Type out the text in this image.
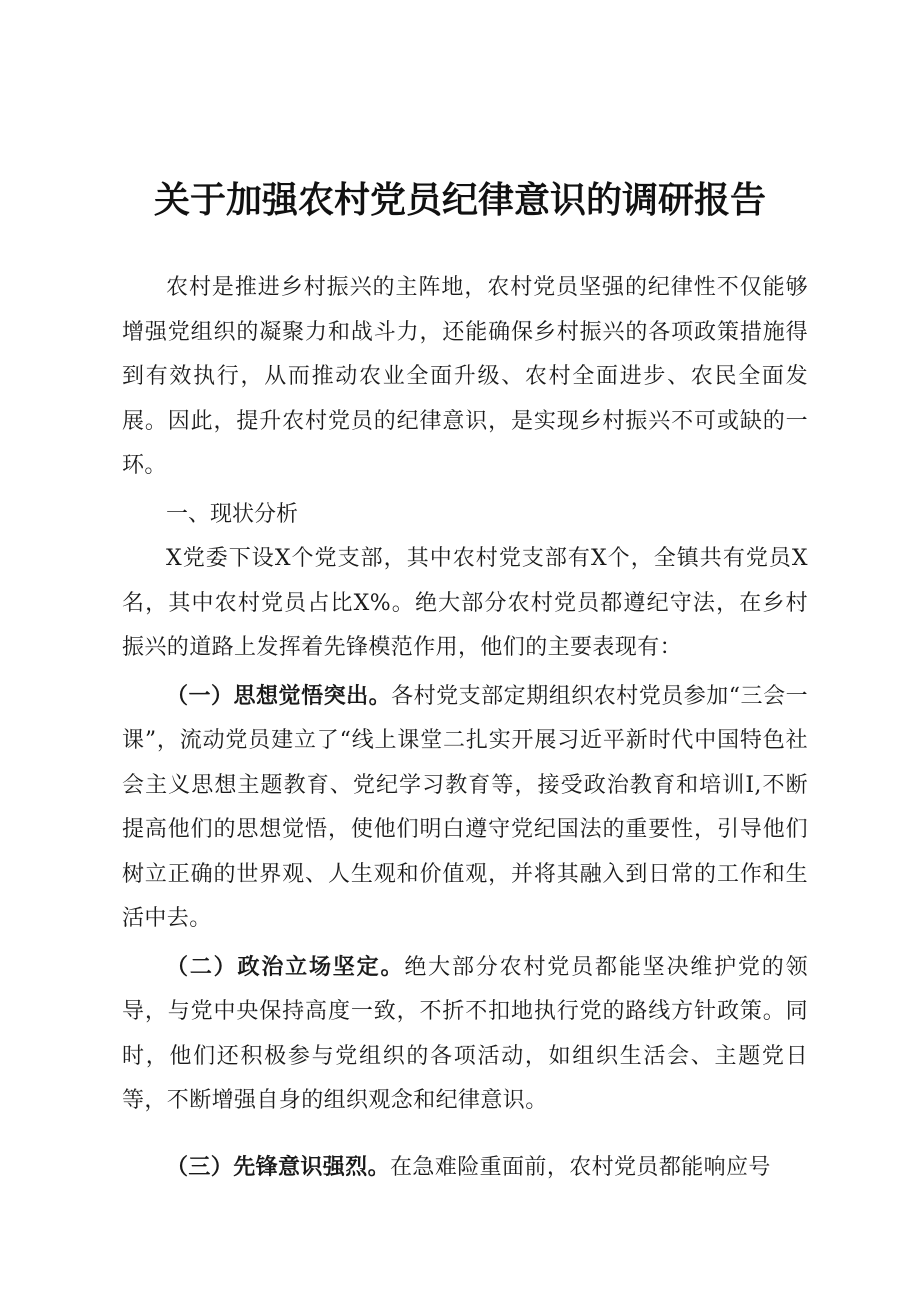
关于加强农村党员纪律意识的调研报告

农村是推进乡村振兴的主阵地，农村党员坚强的纪律性不仅能够增强党组织的凝聚力和战斗力，还能确保乡村振兴的各项政策措施得到有效执行，从而推动农业全面升级、农村全面进步、农民全面发展。因此，提升农村党员的纪律意识，是实现乡村振兴不可或缺的一环。

一、现状分析

X党委下设X个党支部，其中农村党支部有X个，全镇共有党员X名，其中农村党员占比X%。绝大部分农村党员都遵纪守法，在乡村振兴的道路上发挥着先锋模范作用，他们的主要表现有：

（一）思想觉悟突出。各村党支部定期组织农村党员参加“三会一课”，流动党员建立了“线上课堂二扎实开展习近平新时代中国特色社会主义思想主题教育、党纪学习教育等，接受政治教育和培训I,不断提高他们的思想觉悟，使他们明白遵守党纪国法的重要性，引导他们树立正确的世界观、人生观和价值观，并将其融入到日常的工作和生活中去。

（二）政治立场坚定。绝大部分农村党员都能坚决维护党的领导，与党中央保持高度一致，不折不扣地执行党的路线方针政策。同时，他们还积极参与党组织的各项活动，如组织生活会、主题党日等，不断增强自身的组织观念和纪律意识。

（三）先锋意识强烈。在急难险重面前，农村党员都能响应号
